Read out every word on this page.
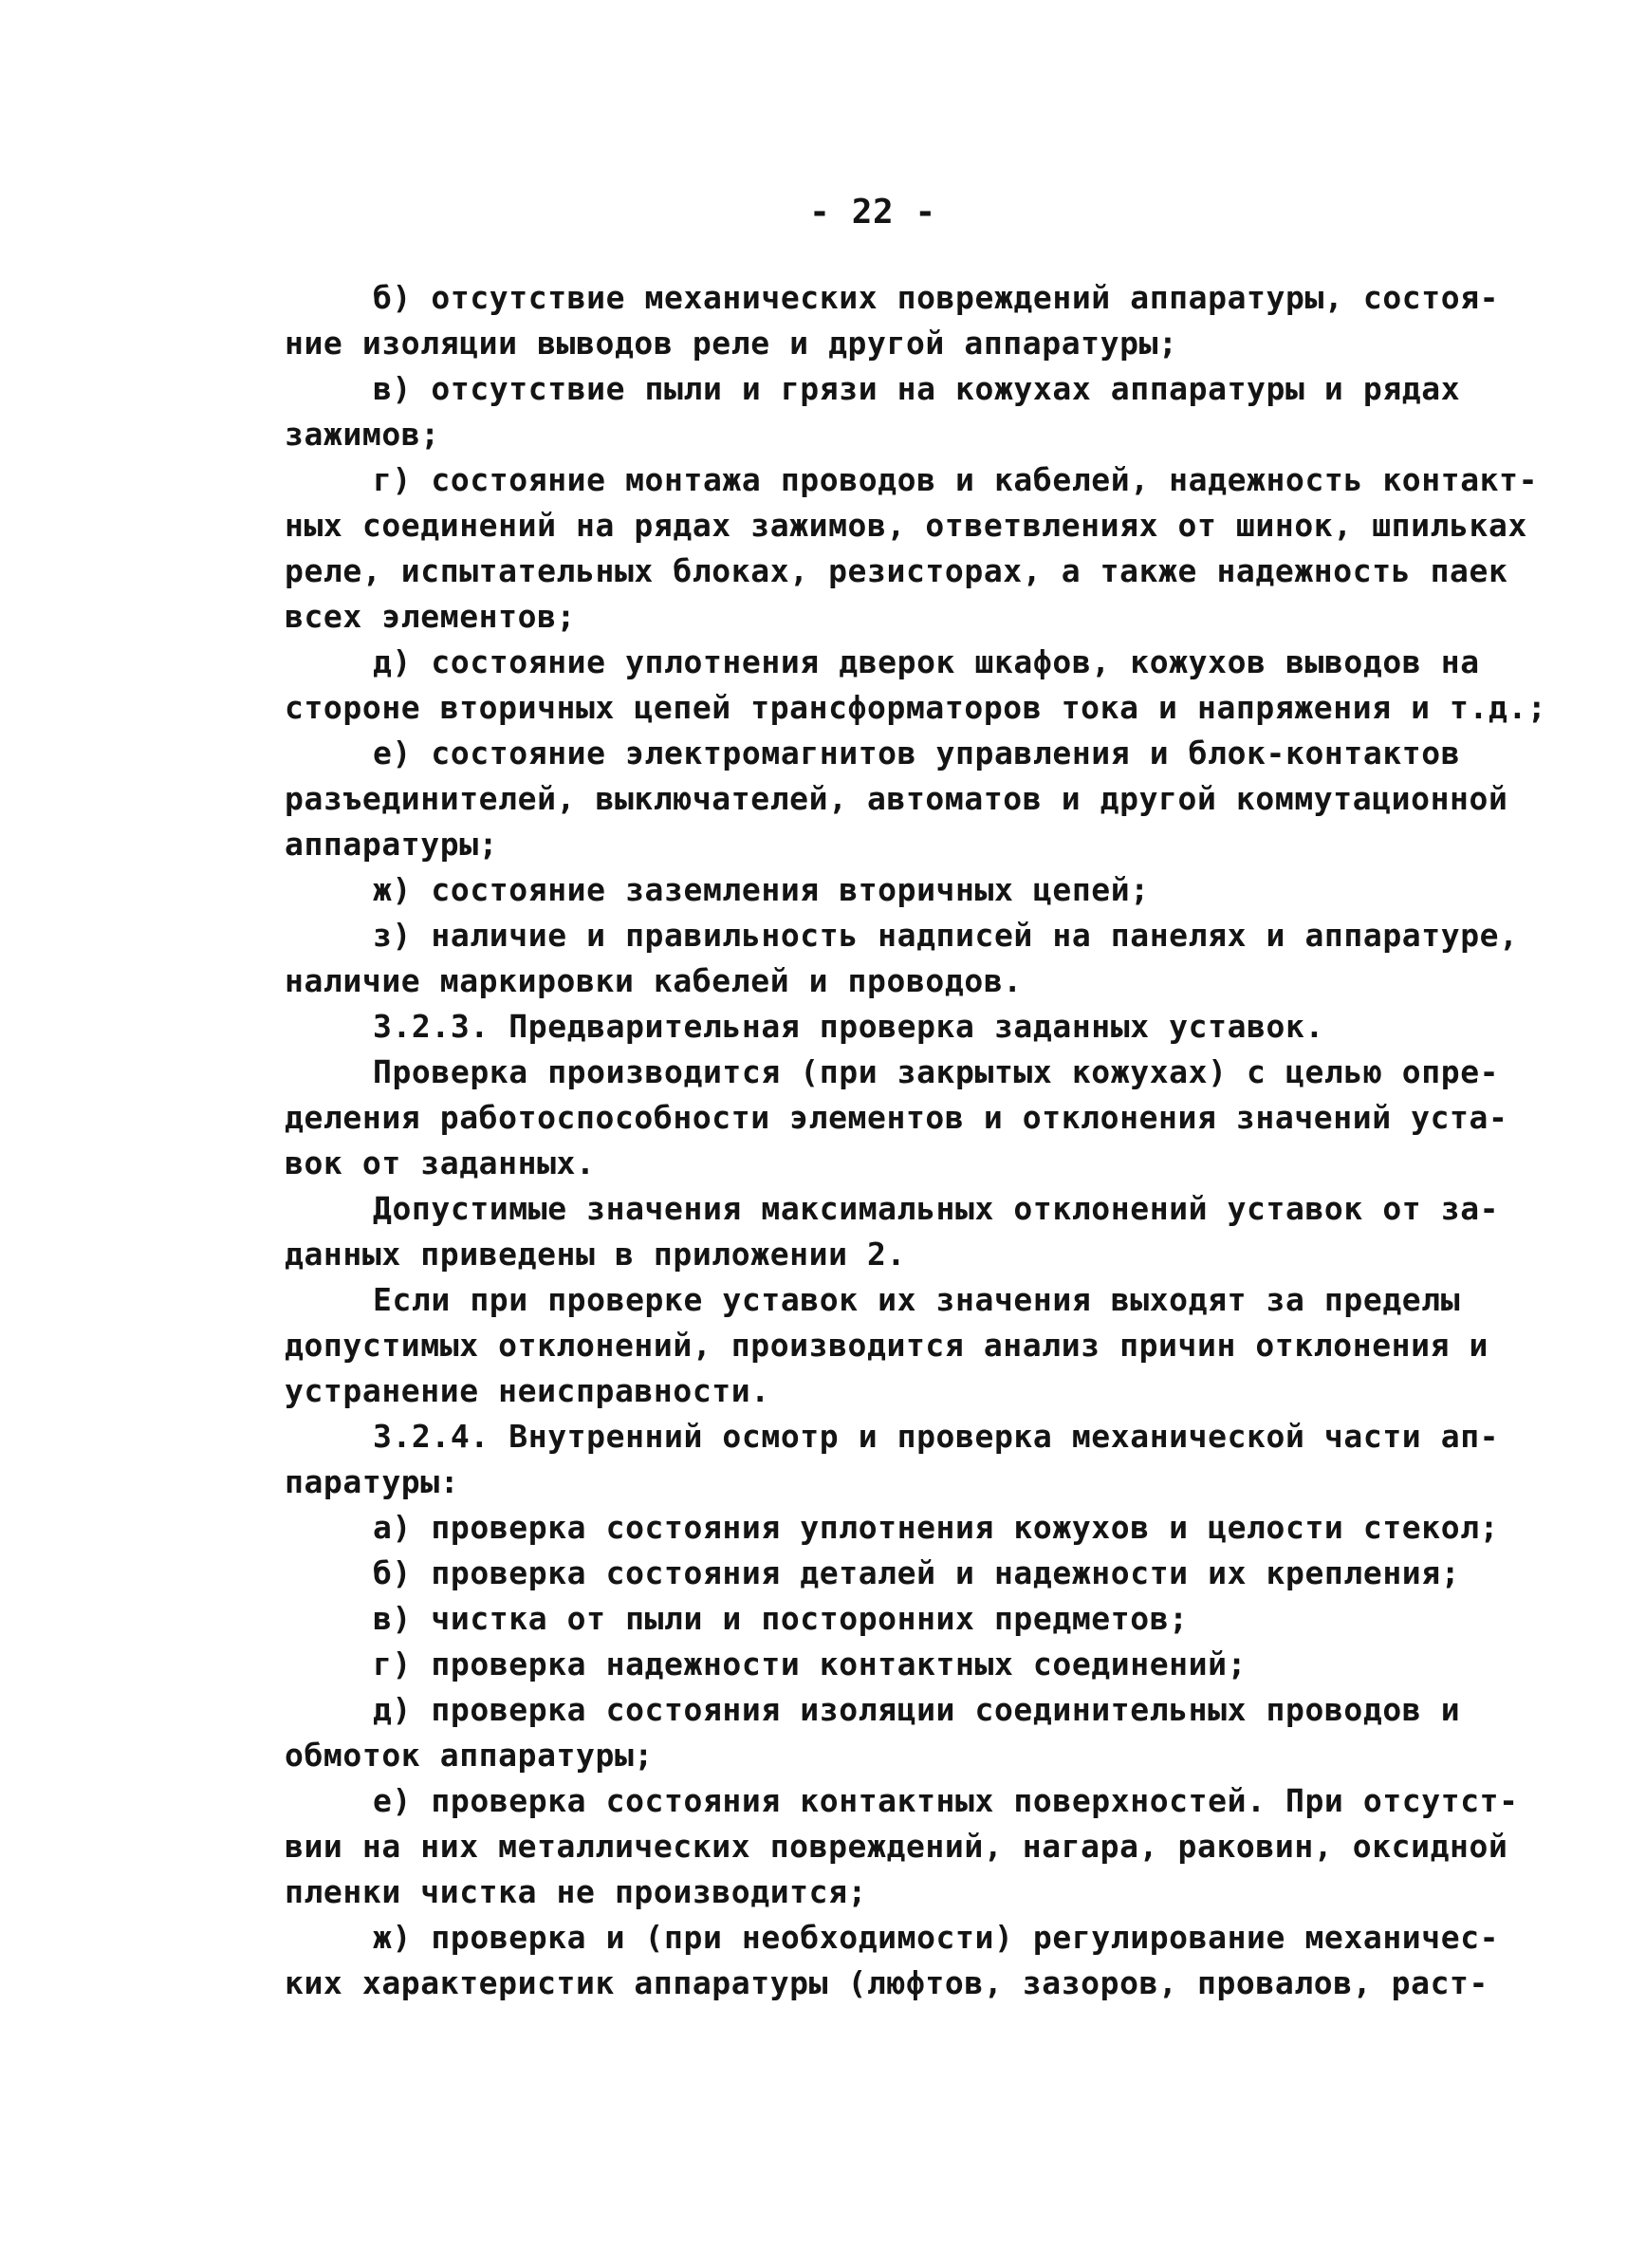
- 22 -
б) отсутствие механических повреждений аппаратуры, состоя-
ние изоляции выводов реле и другой аппаратуры;
в) отсутствие пыли и грязи на кожухах аппаратуры и рядах
зажимов;
г) состояние монтажа проводов и кабелей, надежность контакт-
ных соединений на рядах зажимов, ответвлениях от шинок, шпильках
реле, испытательных блоках, резисторах, а также надежность паек
всех элементов;
д) состояние уплотнения дверок шкафов, кожухов выводов на
стороне вторичных цепей трансформаторов тока и напряжения и т.д.;
е) состояние электромагнитов управления и блок-контактов
разъединителей, выключателей, автоматов и другой коммутационной
аппаратуры;
ж) состояние заземления вторичных цепей;
з) наличие и правильность надписей на панелях и аппаратуре,
наличие маркировки кабелей и проводов.
3.2.3. Предварительная проверка заданных уставок.
Проверка производится (при закрытых кожухах) с целью опре-
деления работоспособности элементов и отклонения значений уста-
вок от заданных.
Допустимые значения максимальных отклонений уставок от за-
данных приведены в приложении 2.
Если при проверке уставок их значения выходят за пределы
допустимых отклонений, производится анализ причин отклонения и
устранение неисправности.
3.2.4. Внутренний осмотр и проверка механической части ап-
паратуры:
а) проверка состояния уплотнения кожухов и целости стекол;
б) проверка состояния деталей и надежности их крепления;
в) чистка от пыли и посторонних предметов;
г) проверка надежности контактных соединений;
д) проверка состояния изоляции соединительных проводов и
обмоток аппаратуры;
е) проверка состояния контактных поверхностей. При отсутст-
вии на них металлических повреждений, нагара, раковин, оксидной
пленки чистка не производится;
ж) проверка и (при необходимости) регулирование механичес-
ких характеристик аппаратуры (люфтов, зазоров, провалов, раст-
